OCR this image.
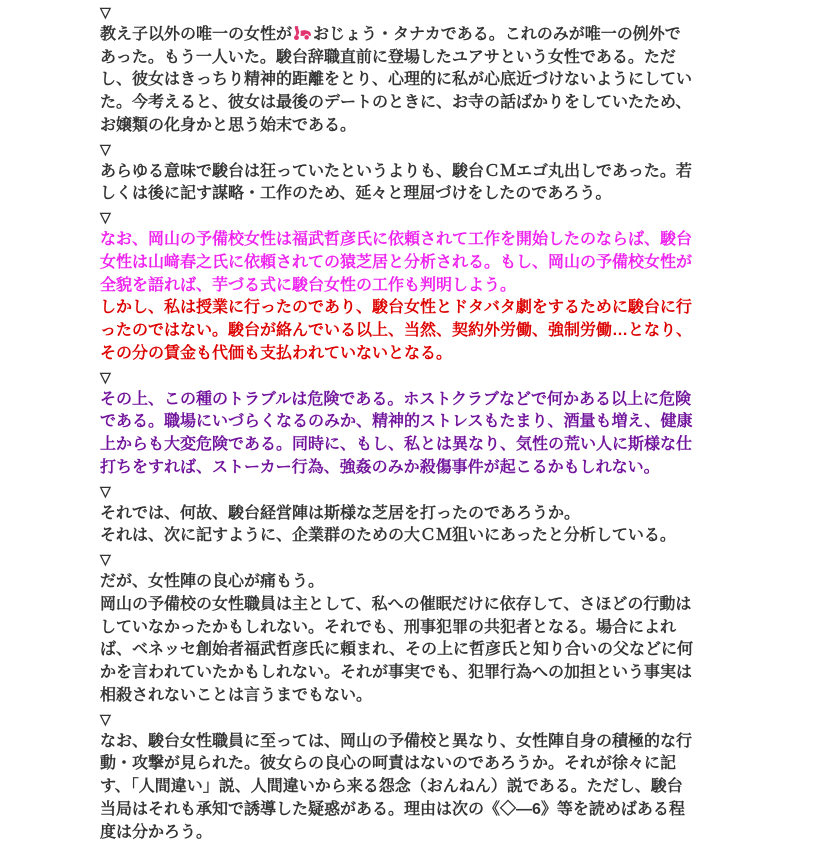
▽

教え子以外の唯一の女性が おじょう・タナカである。これのみが唯一の例外であった。もう一人いた。駿台辞職直前に登場したユアサという女性である。ただし、彼女はきっちり精神的距離をとり、心理的に私が心底近づけないようにしていた。今考えると、彼女は最後のデートのときに、お寺の話ばかりをしていたため、お嬢類の化身かと思う始末である。

▽

あらゆる意味で駿台は狂っていたというよりも、駿台ＣＭエゴ丸出しであった。若しくは後に記す謀略・工作のため、延々と理屈づけをしたのであろう。

▽

なお、岡山の予備校女性は福武哲彦氏に依頼されて工作を開始したのならば、駿台女性は山﨑春之氏に依頼されての猿芝居と分析される。もし、岡山の予備校女性が全貌を語れば、芋づる式に駿台女性の工作も判明しよう。

しかし、私は授業に行ったのであり、駿台女性とドタバタ劇をするために駿台に行ったのではない。駿台が絡んでいる以上、当然、契約外労働、強制労働…となり、その分の賃金も代価も支払われていないとなる。

▽

その上、この種のトラブルは危険である。ホストクラブなどで何かある以上に危険である。職場にいづらくなるのみか、精神的ストレスもたまり、酒量も増え、健康上からも大変危険である。同時に、もし、私とは異なり、気性の荒い人に斯様な仕打ちをすれば、ストーカー行為、強姦のみか殺傷事件が起こるかもしれない。

▽

それでは、何故、駿台経営陣は斯様な芝居を打ったのであろうか。

それは、次に記すように、企業群のための大ＣＭ狙いにあったと分析している。

▽

だが、女性陣の良心が痛もう。

岡山の予備校の女性職員は主として、私への催眠だけに依存して、さほどの行動はしていなかったかもしれない。それでも、刑事犯罪の共犯者となる。場合によれば、ベネッセ創始者福武哲彦氏に頼まれ、その上に哲彦氏と知り合いの父などに何かを言われていたかもしれない。それが事実でも、犯罪行為への加担という事実は相殺されないことは言うまでもない。

▽

なお、駿台女性職員に至っては、岡山の予備校と異なり、女性陣自身の積極的な行動・攻撃が見られた。彼女らの良心の呵責はないのであろうか。それが徐々に記す、「人間違い」説、人間違いから来る怨念（おんねん）説である。ただし、駿台当局はそれも承知で誘導した疑惑がある。理由は次の《◇―6》等を読めばある程度は分かろう。
